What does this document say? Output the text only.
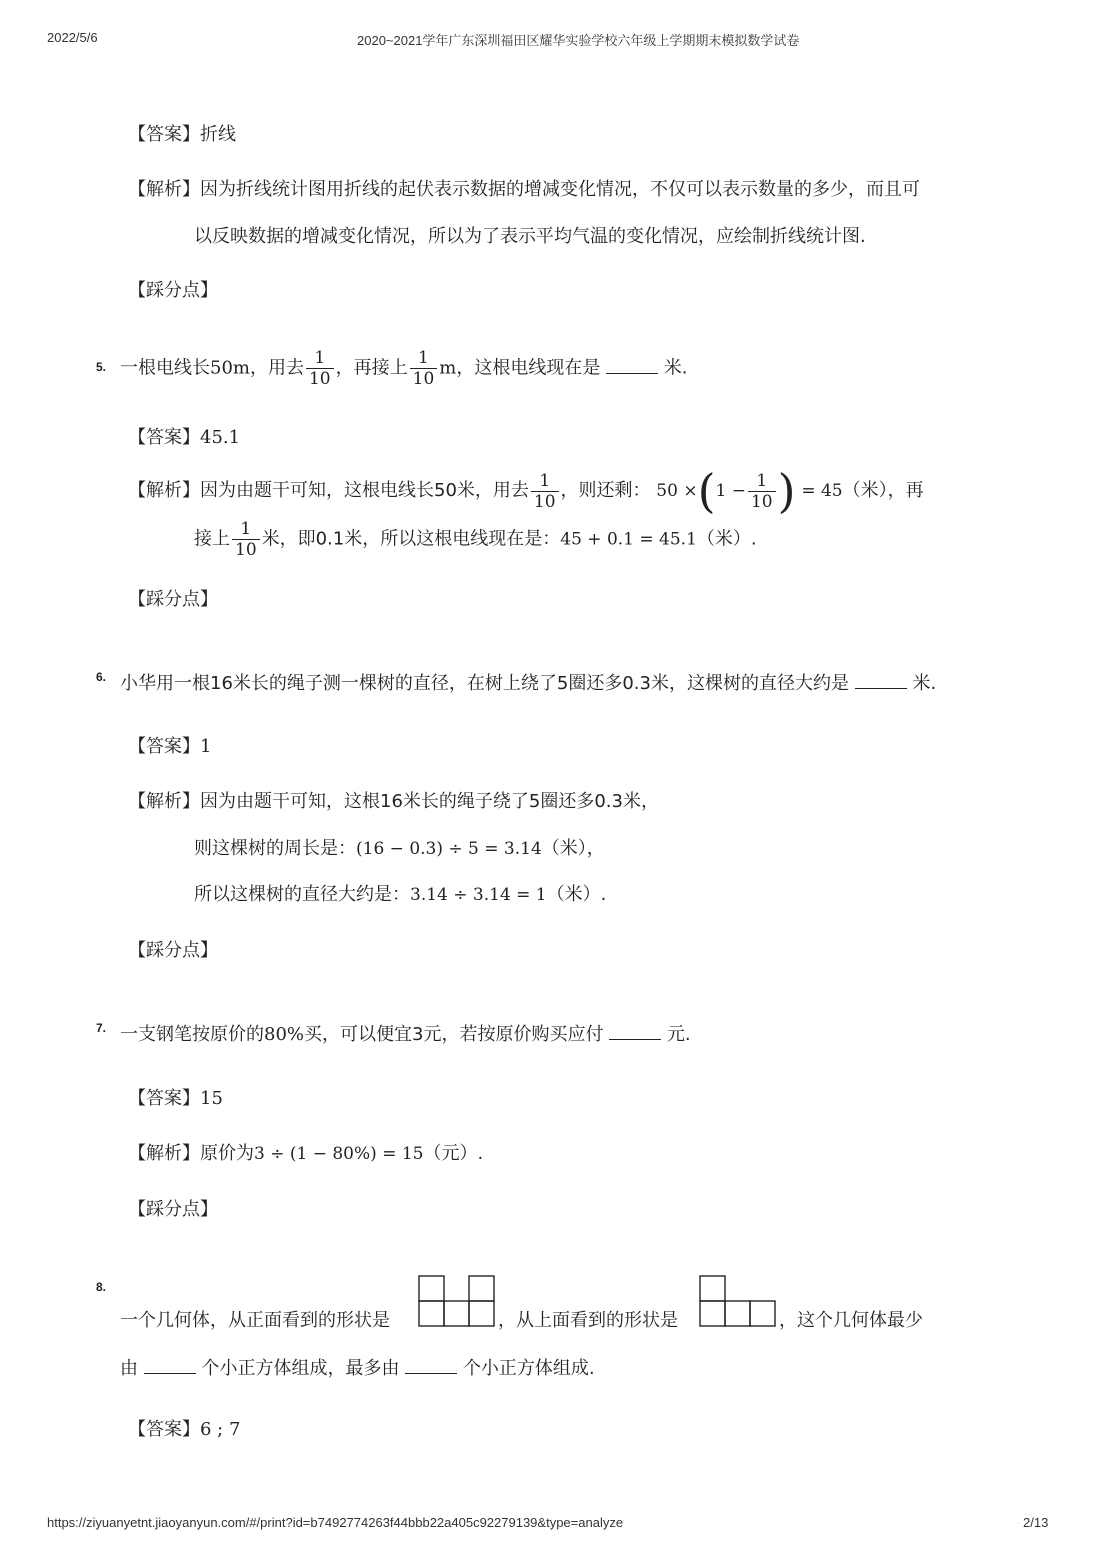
2022/5/6	2020~2021学年广东深圳福田区耀华实验学校六年级上学期期末模拟数学试卷
【答案】折线
【解析】因为折线统计图用折线的起伏表示数据的增减变化情况，不仅可以表示数量的多少，而且可
以反映数据的增减变化情况，所以为了表示平均气温的变化情况，应绘制折线统计图.
【踩分点】
5. 一根电线长50m，用去 $\frac{1}{10}$ ，再接上 $\frac{1}{10}$ m，这根电线现在是	米.
【答案】45.1
【解析】因为由题干可知，这根电线长50米，用去 $\frac{1}{10}$ ，则还剩： $50 \times(1 - \frac{1}{10}$ ) = 45（米），再
接上 $\frac{1}{10}$ 米，即0.1米，所以这根电线现在是：45 + 0.1 = 45.1（米）.
【踩分点】
6. 小华用一根16米长的绳子测一棵树的直径，在树上绕了5圈还多0.3米，这棵树的直径大约是	米.
【答案】1
【解析】因为由题干可知，这根16米长的绳子绕了5圈还多0.3米，
则这棵树的周长是：(16 − 0.3) ÷ 5 = 3.14（米），
所以这棵树的直径大约是：3.14 ÷ 3.14 = 1（米）.
【踩分点】
7. 一支钢笔按原价的80%买，可以便宜3元，若按原价购买应付	元.
【答案】15
【解析】原价为3 ÷ (1 − 80%) = 15（元）.
【踩分点】
8.
一个几何体，从正面看到的形状是	，从上面看到的形状是	，这个几何体最少
由	个小正方体组成，最多由	个小正方体组成.
【答案】6 ; 7
https://ziyuanyetnt.jiaoyanyun.com/#/print?id=b7492774263f44bbb22a405c92279139&type=analyze	2/13
